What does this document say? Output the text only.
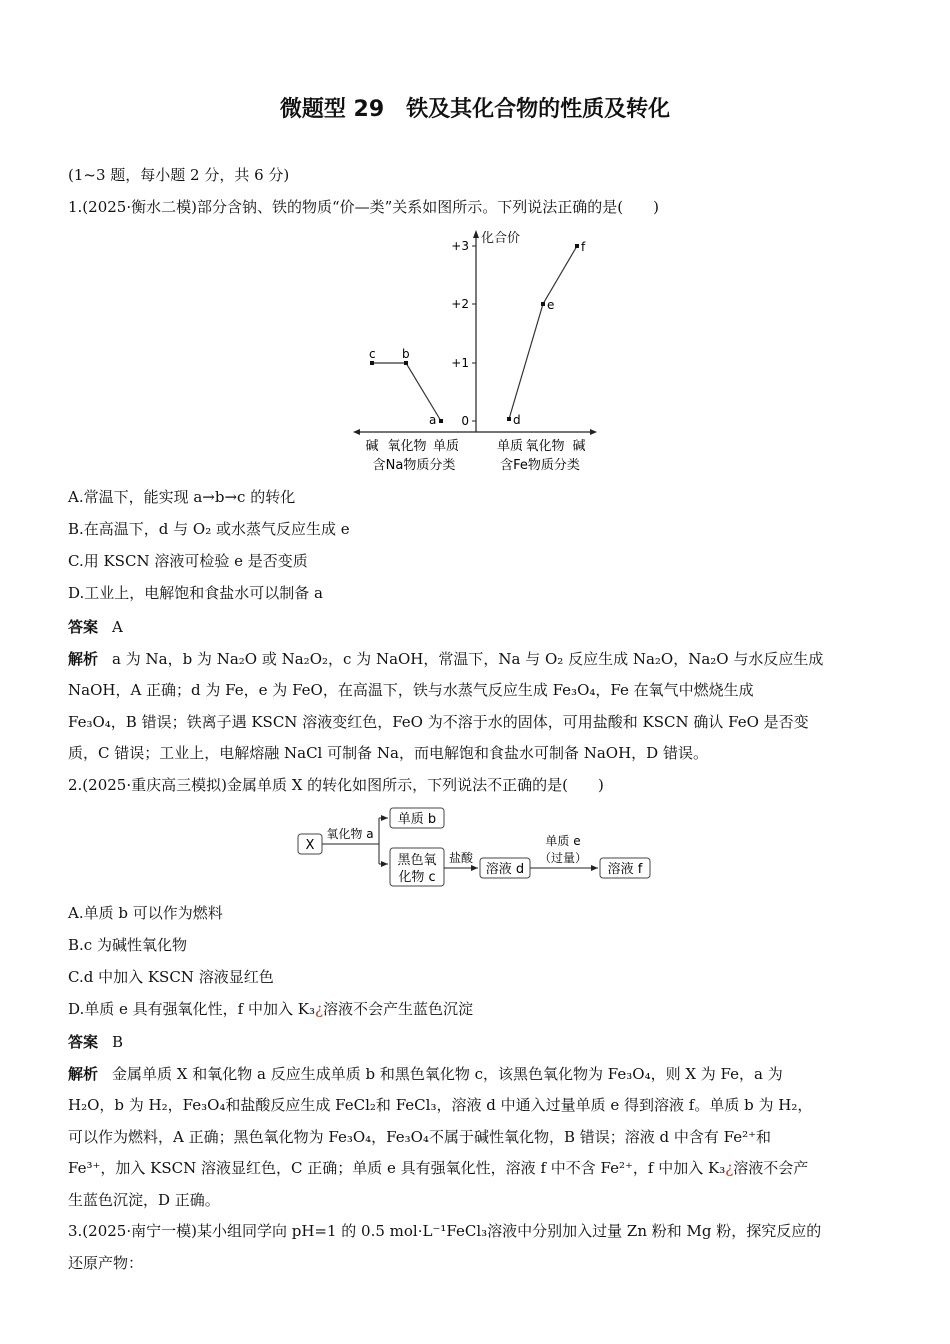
微题型 29　铁及其化合物的性质及转化
(1~3 题，每小题 2 分，共 6 分)
1.(2025·衡水二模)部分含钠、铁的物质“价—类”关系如图所示。下列说法正确的是(　　)
化合价
+3
+2
+1
0
碱 氧化物 单质
含Na物质分类
单质 氧化物 碱
含Fe物质分类
c b
a	d
e
f
A.常温下，能实现 a→b→c 的转化
B.在高温下，d 与 O₂ 或水蒸气反应生成 e
C.用 KSCN 溶液可检验 e 是否变质
D.工业上，电解饱和食盐水可以制备 a
答案 A
解析 a 为 Na，b 为 Na₂O 或 Na₂O₂，c 为 NaOH，常温下，Na 与 O₂ 反应生成 Na₂O，Na₂O 与水反应生成
NaOH，A 正确；d 为 Fe，e 为 FeO，在高温下，铁与水蒸气反应生成 Fe₃O₄，Fe 在氧气中燃烧生成
Fe₃O₄，B 错误；铁离子遇 KSCN 溶液变红色，FeO 为不溶于水的固体，可用盐酸和 KSCN 确认 FeO 是否变
质，C 错误；工业上，电解熔融 NaCl 可制备 Na，而电解饱和食盐水可制备 NaOH，D 错误。
2.(2025·重庆高三模拟)金属单质 X 的转化如图所示，下列说法不正确的是(　　)
X
氧化物 a
单质 b
黑色氧
化物 c
盐酸
溶液 d
单质 e
（过量）
溶液 f
A.单质 b 可以作为燃料
B.c 为碱性氧化物
C.d 中加入 KSCN 溶液显红色
D.单质 e 具有强氧化性，f 中加入 K₃¿溶液不会产生蓝色沉淀
答案 B
解析 金属单质 X 和氧化物 a 反应生成单质 b 和黑色氧化物 c，该黑色氧化物为 Fe₃O₄，则 X 为 Fe，a 为
H₂O，b 为 H₂，Fe₃O₄和盐酸反应生成 FeCl₂和 FeCl₃，溶液 d 中通入过量单质 e 得到溶液 f。单质 b 为 H₂，
可以作为燃料，A 正确；黑色氧化物为 Fe₃O₄，Fe₃O₄不属于碱性氧化物，B 错误；溶液 d 中含有 Fe²⁺和
Fe³⁺，加入 KSCN 溶液显红色，C 正确；单质 e 具有强氧化性，溶液 f 中不含 Fe²⁺，f 中加入 K₃¿溶液不会产
生蓝色沉淀，D 正确。
3.(2025·南宁一模)某小组同学向 pH=1 的 0.5 mol·L⁻¹FeCl₃溶液中分别加入过量 Zn 粉和 Mg 粉，探究反应的
还原产物：
